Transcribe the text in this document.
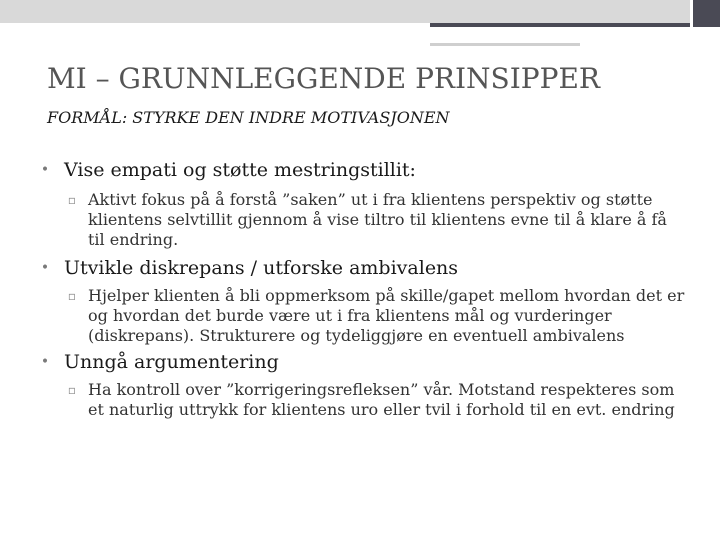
MI – GRUNNLEGGENDE PRINSIPPER
FORMÅL: STYRKE DEN INDRE MOTIVASJONEN
•
Vise empati og støtte mestringstillit:
▫
Aktivt fokus på å forstå ”saken” ut i fra klientens perspektiv og støtte klientens selvtillit gjennom å vise tiltro til klientens evne til å klare å få til endring.
•
Utvikle diskrepans / utforske ambivalens
▫
Hjelper klienten å bli oppmerksom på skille/gapet mellom hvordan det er og hvordan det burde være ut i fra klientens mål og vurderinger (diskrepans). Strukturere og tydeliggjøre en eventuell ambivalens
•
Unngå argumentering
▫
Ha kontroll over ”korrigeringsrefleksen” vår. Motstand respekteres som et naturlig uttrykk for klientens uro eller tvil i forhold til en evt. endring
